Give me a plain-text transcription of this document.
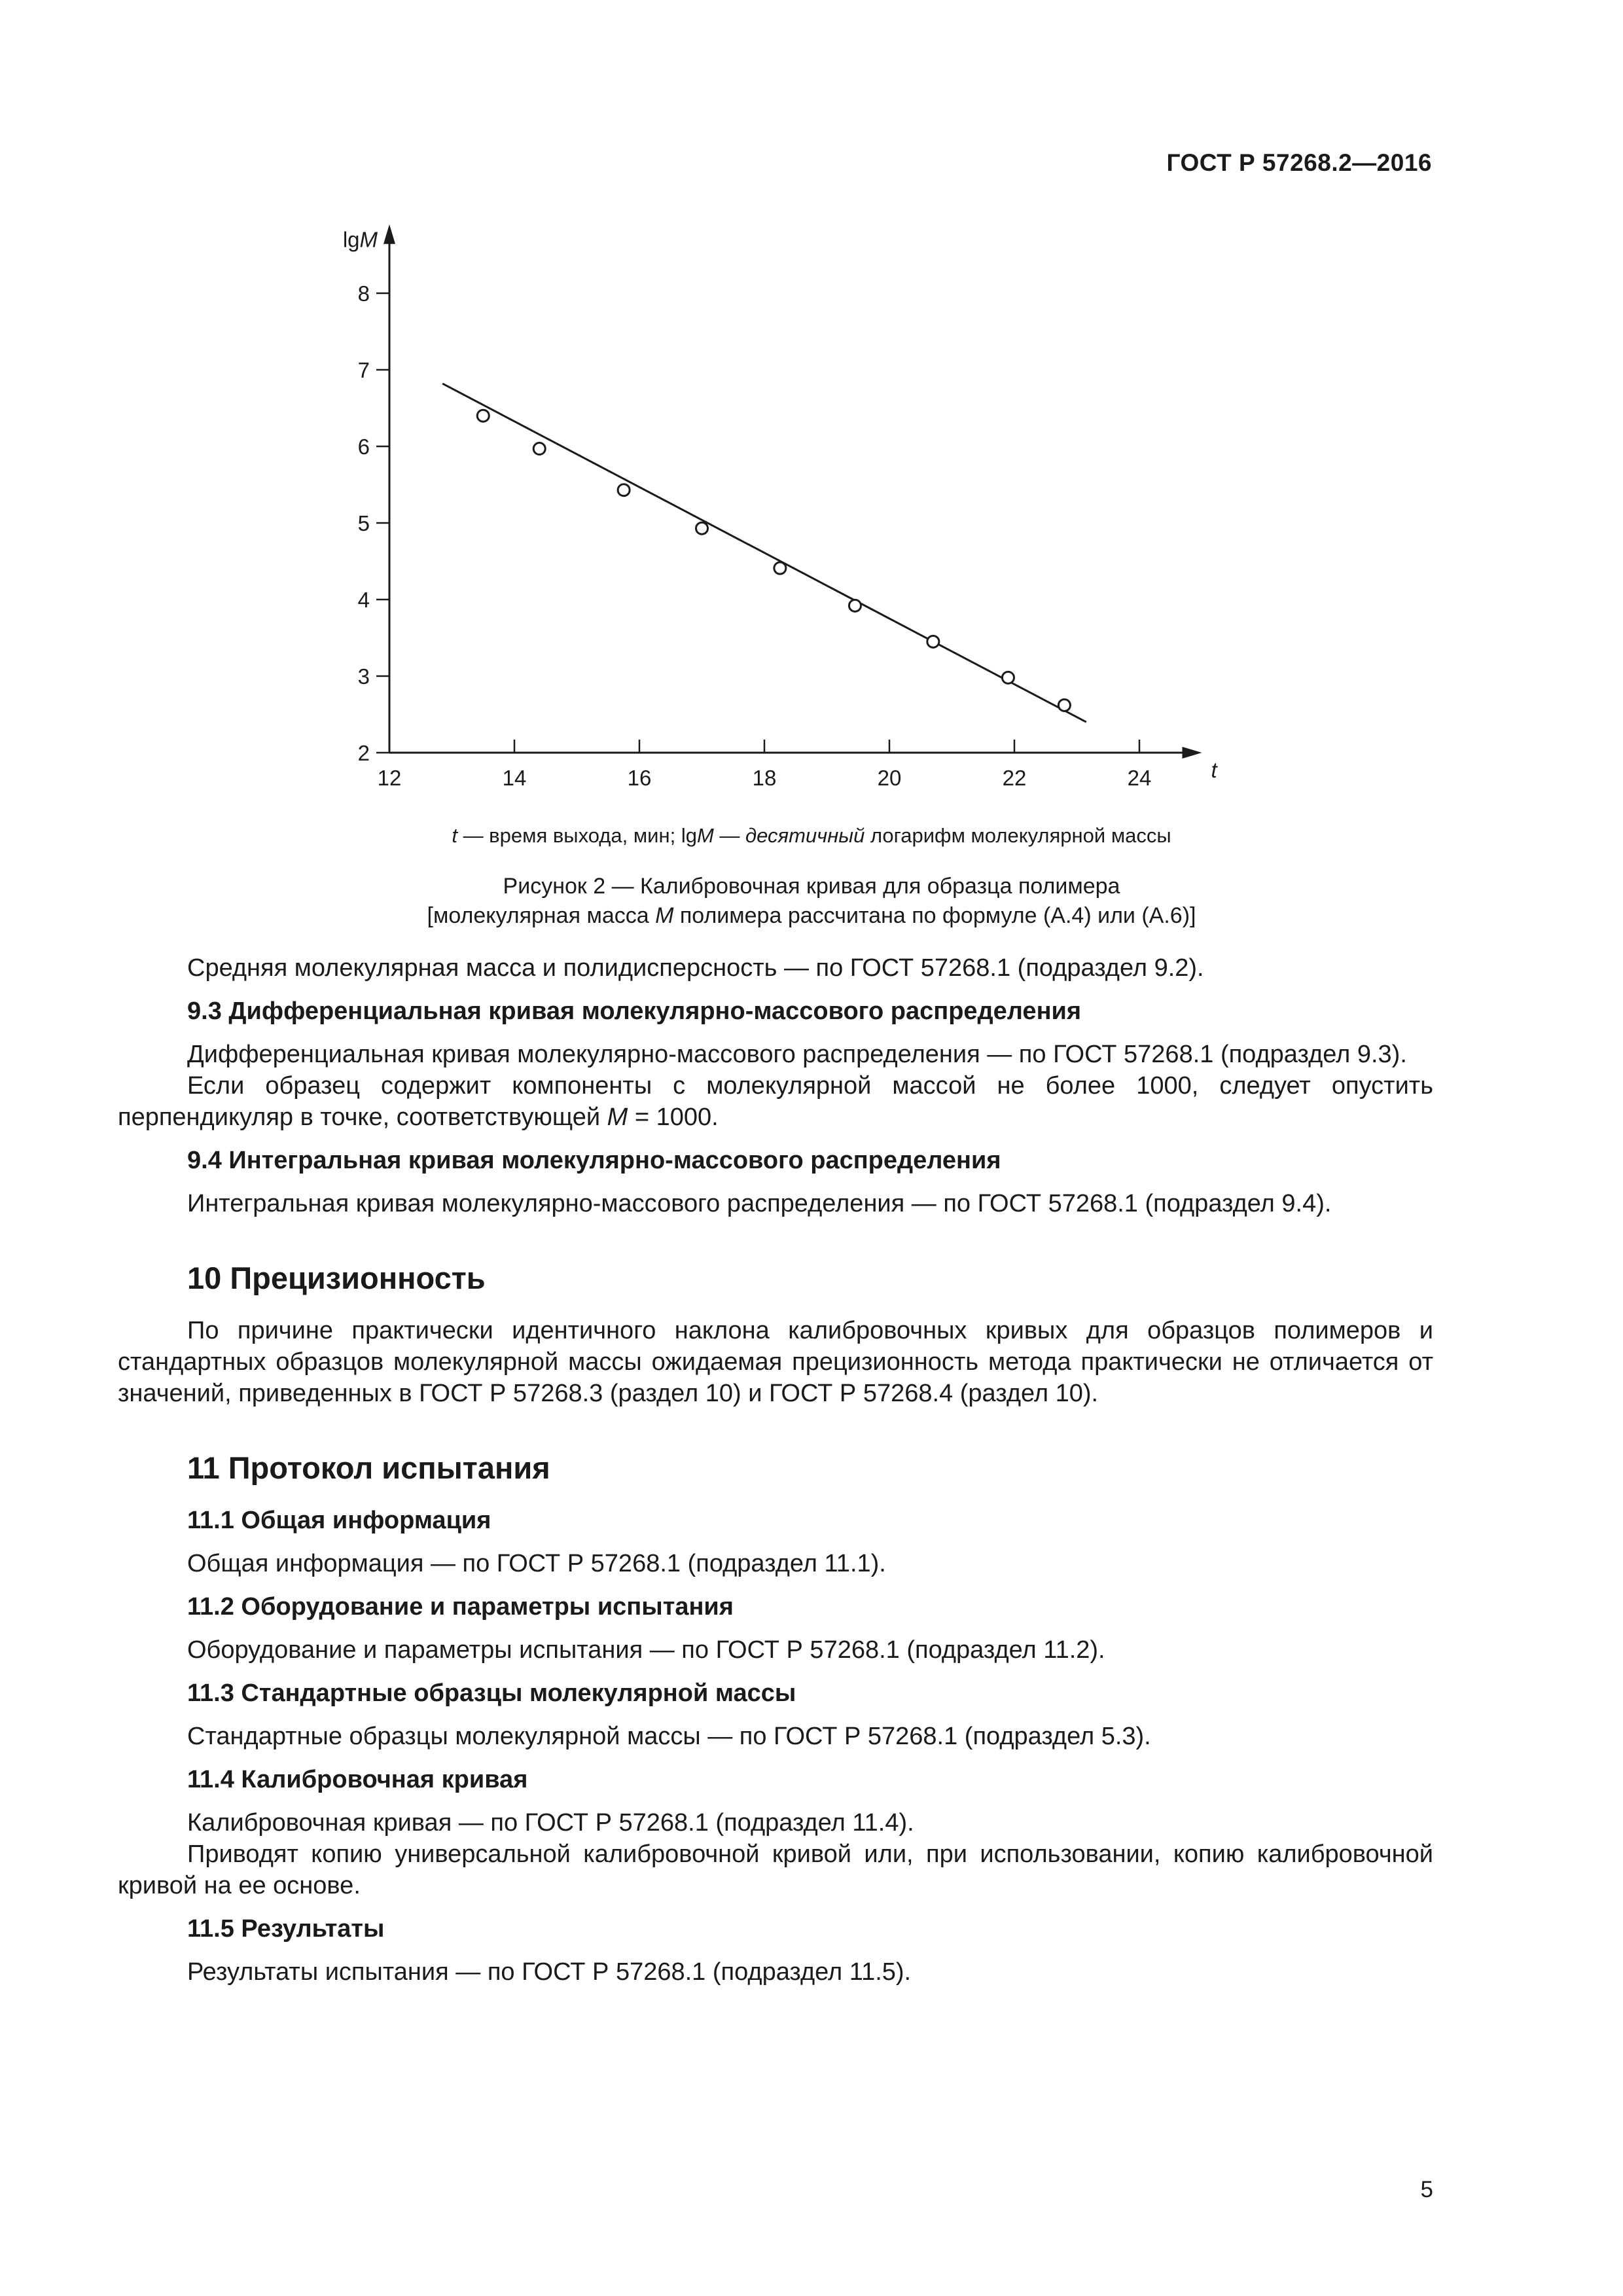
ГОСТ Р 57268.2—2016
12	14	16	18	20	22	24
2
3
4
5
6
7
8
lgM
t
t — время выхода, мин; lgM — десятичный логарифм молекулярной массы
Рисунок 2 — Калибровочная кривая для образца полимера
[молекулярная масса M полимера рассчитана по формуле (А.4) или (А.6)]

Средняя молекулярная масса и полидисперсность — по ГОСТ 57268.1 (подраздел 9.2).

9.3 Дифференциальная кривая молекулярно-массового распределения

Дифференциальная кривая молекулярно-массового распределения — по ГОСТ 57268.1 (подраздел 9.3).

Если образец содержит компоненты с молекулярной массой не более 1000, следует опустить перпендикуляр в точке, соответствующей M = 1000.

9.4 Интегральная кривая молекулярно-массового распределения

Интегральная кривая молекулярно-массового распределения — по ГОСТ 57268.1 (подраздел 9.4).

10 Прецизионность

По причине практически идентичного наклона калибровочных кривых для образцов полимеров и стандартных образцов молекулярной массы ожидаемая прецизионность метода практически не отличается от значений, приведенных в ГОСТ Р 57268.3 (раздел 10) и ГОСТ Р 57268.4 (раздел 10).

11 Протокол испытания
11.1 Общая информация

Общая информация — по ГОСТ Р 57268.1 (подраздел 11.1).

11.2 Оборудование и параметры испытания

Оборудование и параметры испытания — по ГОСТ Р 57268.1 (подраздел 11.2).

11.3 Стандартные образцы молекулярной массы

Стандартные образцы молекулярной массы — по ГОСТ Р 57268.1 (подраздел 5.3).

11.4 Калибровочная кривая

Калибровочная кривая — по ГОСТ Р 57268.1 (подраздел 11.4).

Приводят копию универсальной калибровочной кривой или, при использовании, копию калибровочной кривой на ее основе.

11.5 Результаты

Результаты испытания — по ГОСТ Р 57268.1 (подраздел 11.5).

5
